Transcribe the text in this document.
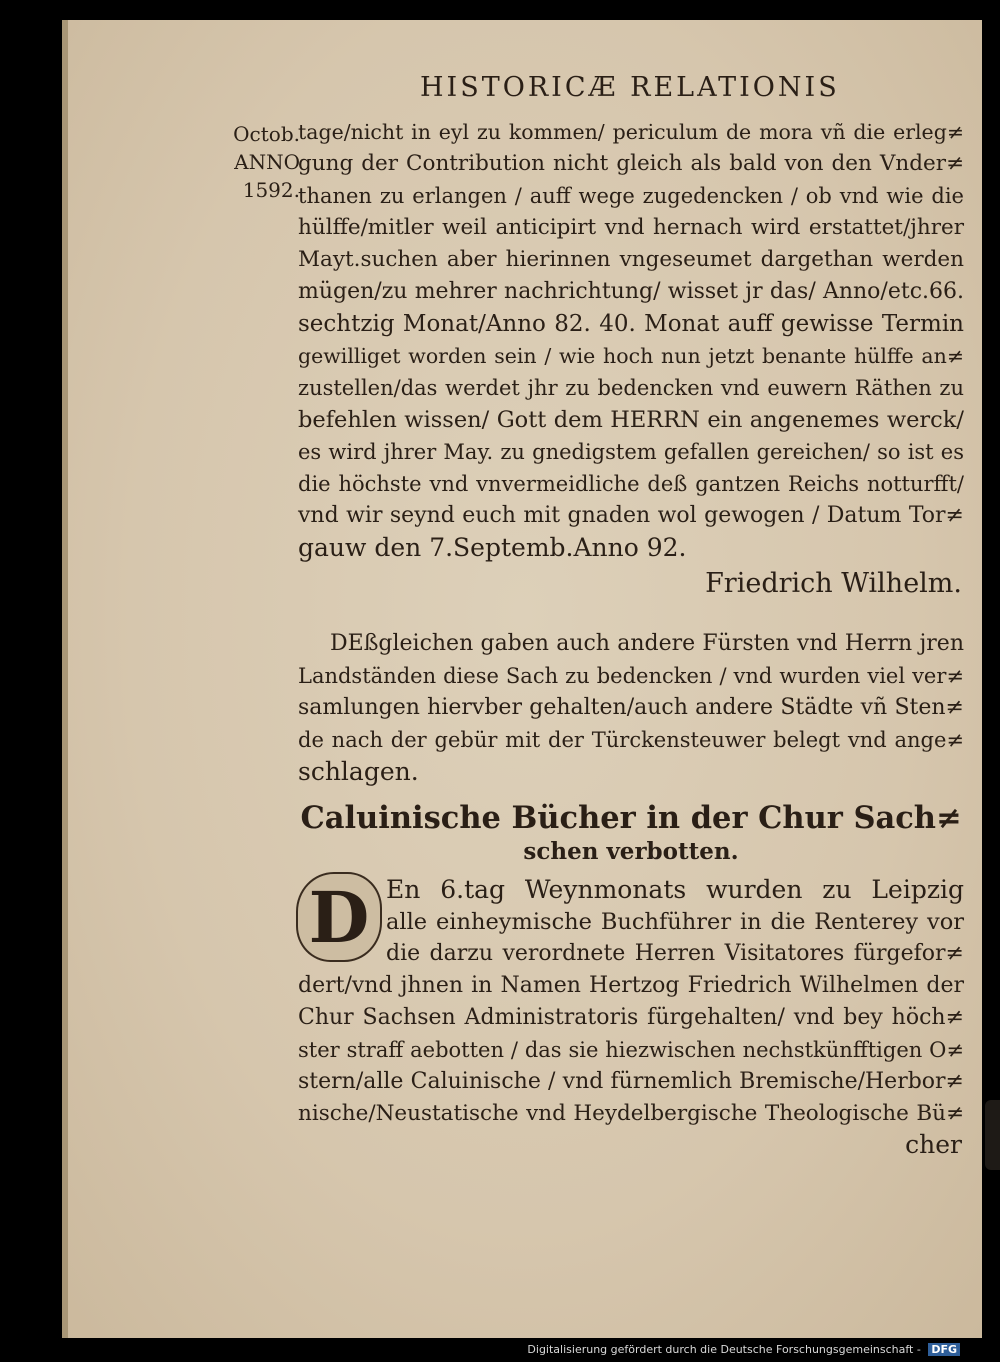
HISTORICÆ RELATIONIS
Octob.
ANNO
1592.
tage/nicht in eyl zu kommen/ periculum de mora vñ die erleg≠
gung der Contribution nicht gleich als bald von den Vnder≠
thanen zu erlangen / auff wege zugedencken / ob vnd wie die
hülffe/mitler weil anticipirt vnd hernach wird erstattet/jhrer
Mayt.suchen aber hierinnen vngeseumet dargethan werden
mügen/zu mehrer nachrichtung/ wisset jr das/ Anno/etc.66.
sechtzig Monat/Anno 82. 40. Monat auff gewisse Termin
gewilliget worden sein / wie hoch nun jetzt benante hülffe an≠
zustellen/das werdet jhr zu bedencken vnd euwern Räthen zu
befehlen wissen/ Gott dem HERRN ein angenemes werck/
es wird jhrer May. zu gnedigstem gefallen gereichen/ so ist es
die höchste vnd vnvermeidliche deß gantzen Reichs notturfft/
vnd wir seynd euch mit gnaden wol gewogen / Datum Tor≠
gauw den 7.Septemb.Anno 92.
Friedrich Wilhelm.
DEßgleichen gaben auch andere Fürsten vnd Herrn jren
Landständen diese Sach zu bedencken / vnd wurden viel ver≠
samlungen hiervber gehalten/auch andere Städte vñ Sten≠
de nach der gebür mit der Türckensteuwer belegt vnd ange≠
schlagen.
Caluinische Bücher in der Chur Sach≠
schen verbotten.
D En 6.tag Weynmonats wurden zu Leipzig
alle einheymische Buchführer in die Renterey vor
die darzu verordnete Herren Visitatores fürgefor≠
dert/vnd jhnen in Namen Hertzog Friedrich Wilhelmen der
Chur Sachsen Administratoris fürgehalten/ vnd bey höch≠
ster straff aebotten / das sie hiezwischen nechstkünfftigen O≠
stern/alle Caluinische / vnd fürnemlich Bremische/Herbor≠
nische/Neustatische vnd Heydelbergische Theologische Bü≠
cher
Digitalisierung gefördert durch die Deutsche Forschungsgemeinschaft - DFG
